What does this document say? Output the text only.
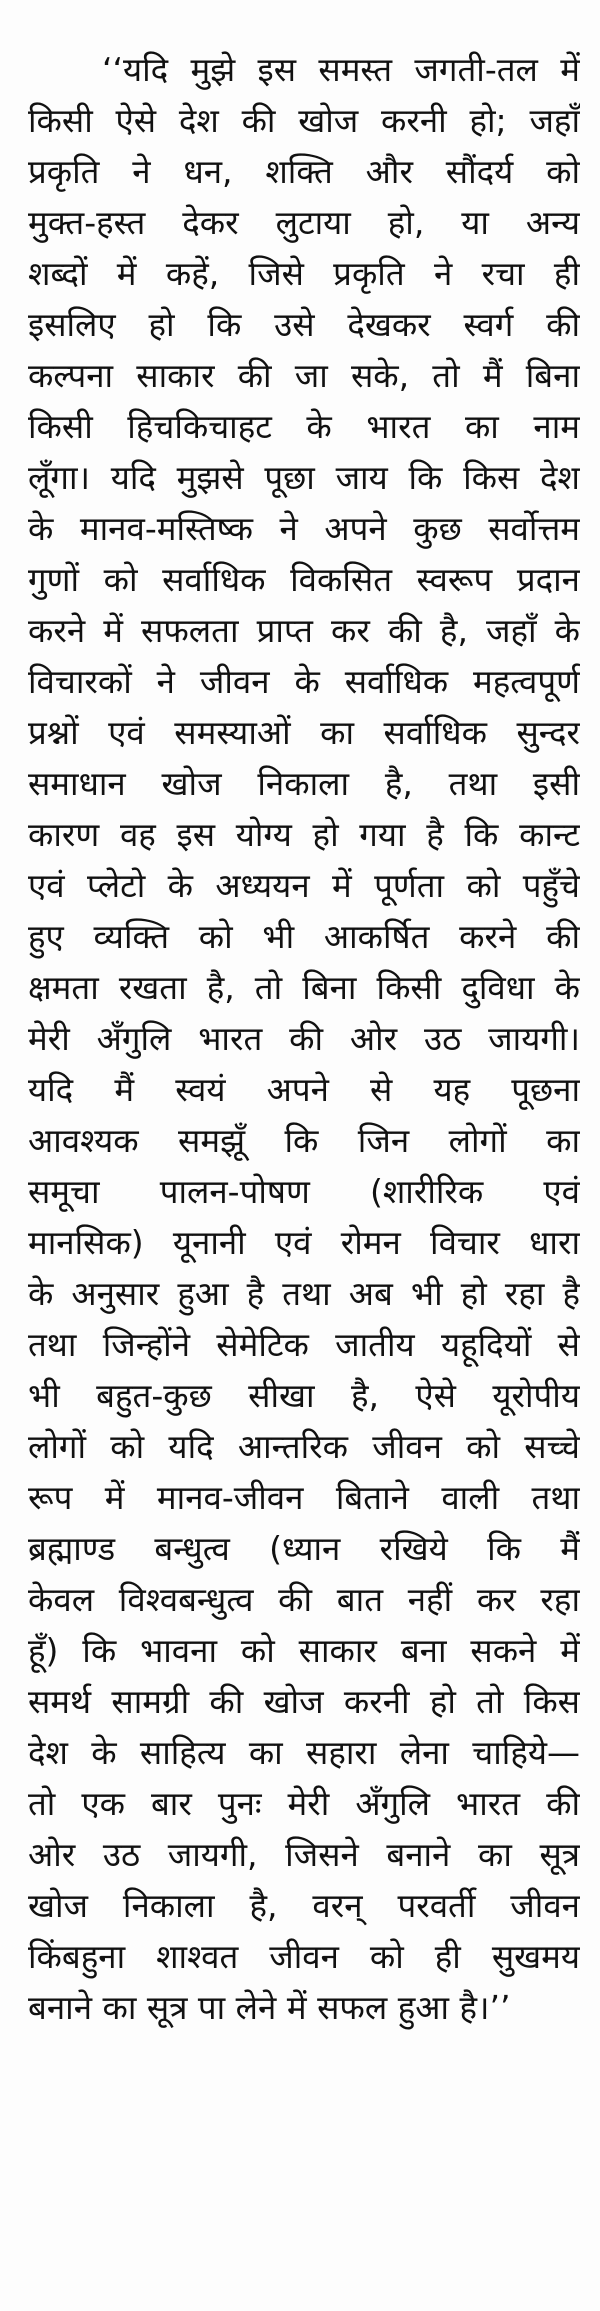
‘‘यदि मुझे इस समस्त जगती-तल में
किसी ऐसे देश की खोज करनी हो; जहाँ
प्रकृति ने धन, शक्ति और सौंदर्य को
मुक्त-हस्त देकर लुटाया हो, या अन्य
शब्दों में कहें, जिसे प्रकृति ने रचा ही
इसलिए हो कि उसे देखकर स्वर्ग की
कल्पना साकार की जा सके, तो मैं बिना
किसी हिचकिचाहट के भारत का नाम
लूँगा। यदि मुझसे पूछा जाय कि किस देश
के मानव-मस्तिष्क ने अपने कुछ सर्वोत्तम
गुणों को सर्वाधिक विकसित स्वरूप प्रदान
करने में सफलता प्राप्त कर की है, जहाँ के
विचारकों ने जीवन के सर्वाधिक महत्वपूर्ण
प्रश्नों एवं समस्याओं का सर्वाधिक सुन्दर
समाधान खोज निकाला है, तथा इसी
कारण वह इस योग्य हो गया है कि कान्ट
एवं प्लेटो के अध्ययन में पूर्णता को पहुँचे
हुए व्यक्ति को भी आकर्षित करने की
क्षमता रखता है, तो बिना किसी दुविधा के
मेरी अँगुलि भारत की ओर उठ जायगी।
यदि मैं स्वयं अपने से यह पूछना
आवश्यक समझूँ कि जिन लोगों का
समूचा पालन-पोषण (शारीरिक एवं
मानसिक) यूनानी एवं रोमन विचार धारा
के अनुसार हुआ है तथा अब भी हो रहा है
तथा जिन्होंने सेमेटिक जातीय यहूदियों से
भी बहुत-कुछ सीखा है, ऐसे यूरोपीय
लोगों को यदि आन्तरिक जीवन को सच्चे
रूप में मानव-जीवन बिताने वाली तथा
ब्रह्माण्ड बन्धुत्व (ध्यान रखिये कि मैं
केवल विश्वबन्धुत्व की बात नहीं कर रहा
हूँ) कि भावना को साकार बना सकने में
समर्थ सामग्री की खोज करनी हो तो किस
देश के साहित्य का सहारा लेना चाहिये—
तो एक बार पुनः मेरी अँगुलि भारत की
ओर उठ जायगी, जिसने बनाने का सूत्र
खोज निकाला है, वरन् परवर्ती जीवन
किंबहुना शाश्वत जीवन को ही सुखमय
बनाने का सूत्र पा लेने में सफल हुआ है।’’
